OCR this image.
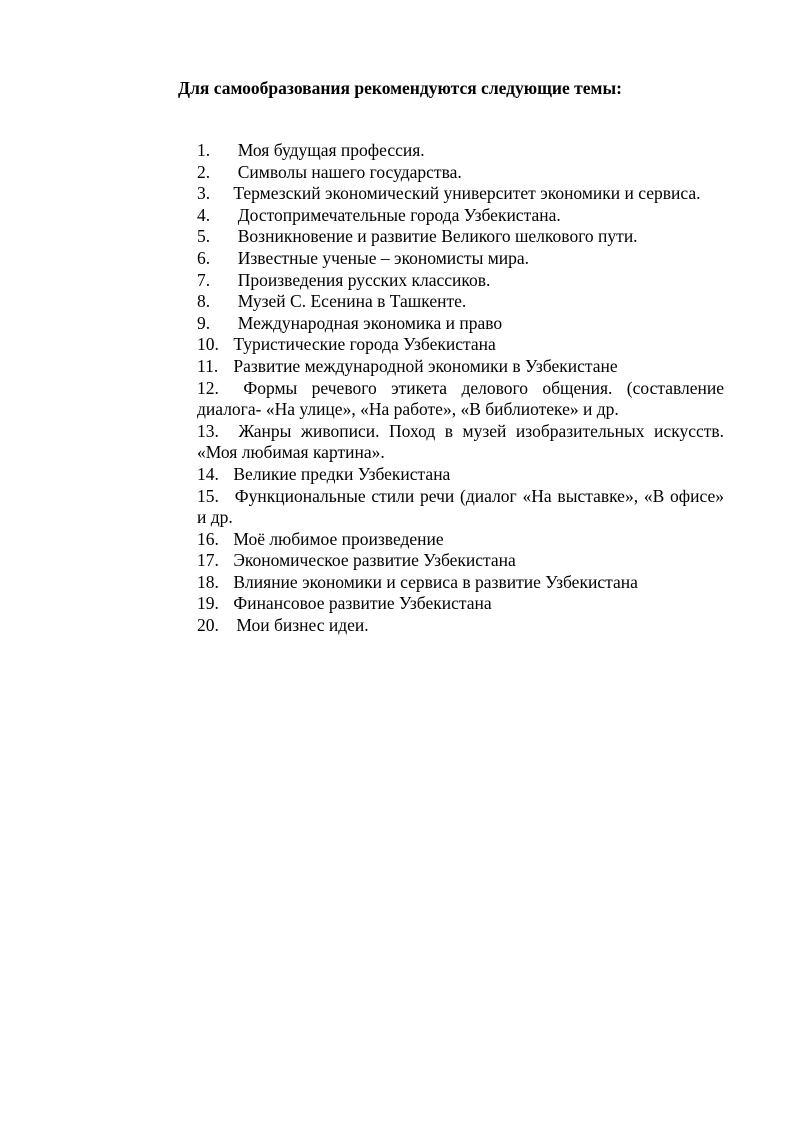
Для самообразования рекомендуются следующие темы:
1. Моя будущая профессия.
2. Символы нашего государства.
3. Термезский экономический университет экономики и сервиса.
4. Достопримечательные города Узбекистана.
5. Возникновение и развитие Великого шелкового пути.
6. Известные ученые – экономисты мира.
7. Произведения русских классиков.
8. Музей С. Есенина в Ташкенте.
9. Международная экономика и право
10. Туристические города Узбекистана
11. Развитие международной экономики в Узбекистане
12. Формы речевого этикета делового общения. (составление диалога- «На улице», «На работе», «В библиотеке» и др.
13. Жанры живописи. Поход в музей изобразительных искусств. «Моя любимая картина».
14. Великие предки Узбекистана
15. Функциональные стили речи (диалог «На выставке», «В офисе» и др.
16. Моё любимое произведение
17. Экономическое развитие Узбекистана
18. Влияние экономики и сервиса в развитие Узбекистана
19. Финансовое развитие Узбекистана
20. Мои бизнес идеи.
